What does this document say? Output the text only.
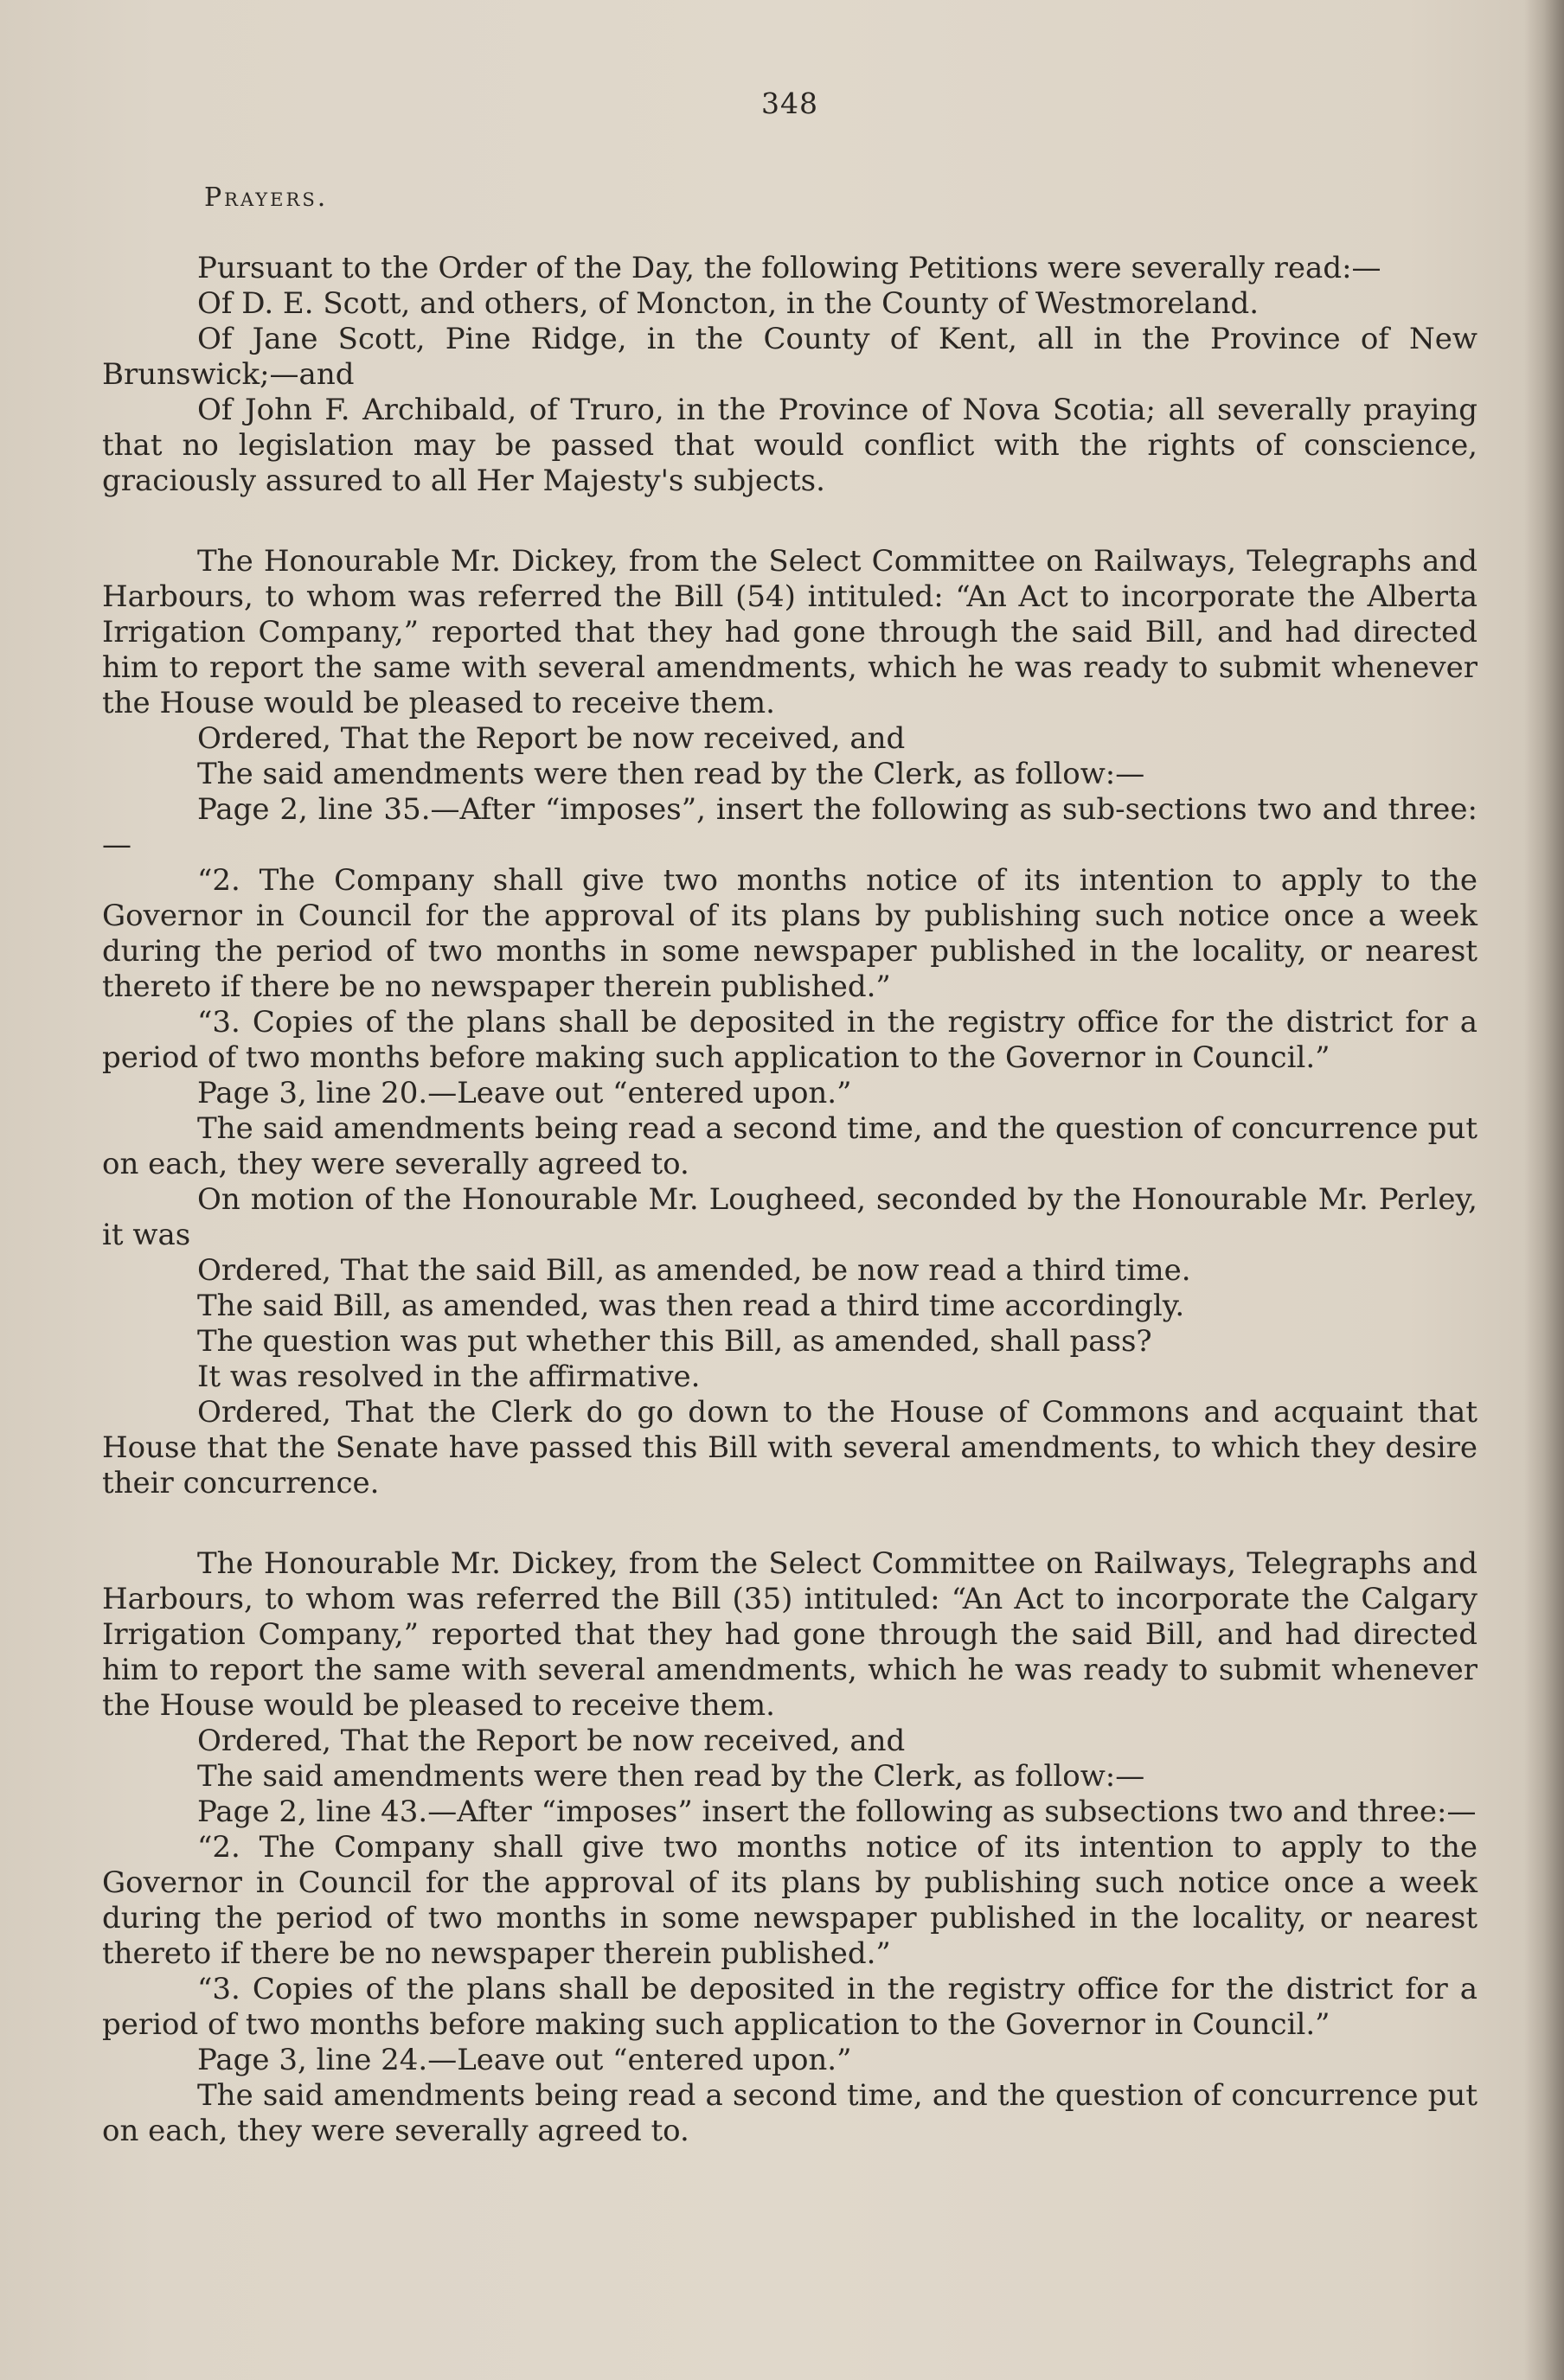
348
Prayers.

Pursuant to the Order of the Day, the following Petitions were severally read:—

Of D. E. Scott, and others, of Moncton, in the County of Westmoreland.

Of Jane Scott, Pine Ridge, in the County of Kent, all in the Province of New Brunswick;—and

Of John F. Archibald, of Truro, in the Province of Nova Scotia; all severally praying that no legislation may be passed that would conflict with the rights of conscience, graciously assured to all Her Majesty's subjects.

The Honourable Mr. Dickey, from the Select Committee on Railways, Telegraphs and Harbours, to whom was referred the Bill (54) intituled: “An Act to incorporate the Alberta Irrigation Company,” reported that they had gone through the said Bill, and had directed him to report the same with several amendments, which he was ready to submit whenever the House would be pleased to receive them.

Ordered, That the Report be now received, and

The said amendments were then read by the Clerk, as follow:—

Page 2, line 35.—After “imposes”, insert the following as sub-sections two and three:—

“2. The Company shall give two months notice of its intention to apply to the Governor in Council for the approval of its plans by publishing such notice once a week during the period of two months in some newspaper published in the locality, or nearest thereto if there be no newspaper therein published.”

“3. Copies of the plans shall be deposited in the registry office for the district for a period of two months before making such application to the Governor in Council.”

Page 3, line 20.—Leave out “entered upon.”

The said amendments being read a second time, and the question of concurrence put on each, they were severally agreed to.

On motion of the Honourable Mr. Lougheed, seconded by the Honourable Mr. Perley, it was

Ordered, That the said Bill, as amended, be now read a third time.

The said Bill, as amended, was then read a third time accordingly.

The question was put whether this Bill, as amended, shall pass?

It was resolved in the affirmative.

Ordered, That the Clerk do go down to the House of Commons and acquaint that House that the Senate have passed this Bill with several amendments, to which they desire their concurrence.

The Honourable Mr. Dickey, from the Select Committee on Railways, Telegraphs and Harbours, to whom was referred the Bill (35) intituled: “An Act to incorporate the Calgary Irrigation Company,” reported that they had gone through the said Bill, and had directed him to report the same with several amendments, which he was ready to submit whenever the House would be pleased to receive them.

Ordered, That the Report be now received, and

The said amendments were then read by the Clerk, as follow:—

Page 2, line 43.—After “imposes” insert the following as subsections two and three:—

“2. The Company shall give two months notice of its intention to apply to the Governor in Council for the approval of its plans by publishing such notice once a week during the period of two months in some newspaper published in the locality, or nearest thereto if there be no newspaper therein published.”

“3. Copies of the plans shall be deposited in the registry office for the district for a period of two months before making such application to the Governor in Council.”

Page 3, line 24.—Leave out “entered upon.”

The said amendments being read a second time, and the question of concurrence put on each, they were severally agreed to.
